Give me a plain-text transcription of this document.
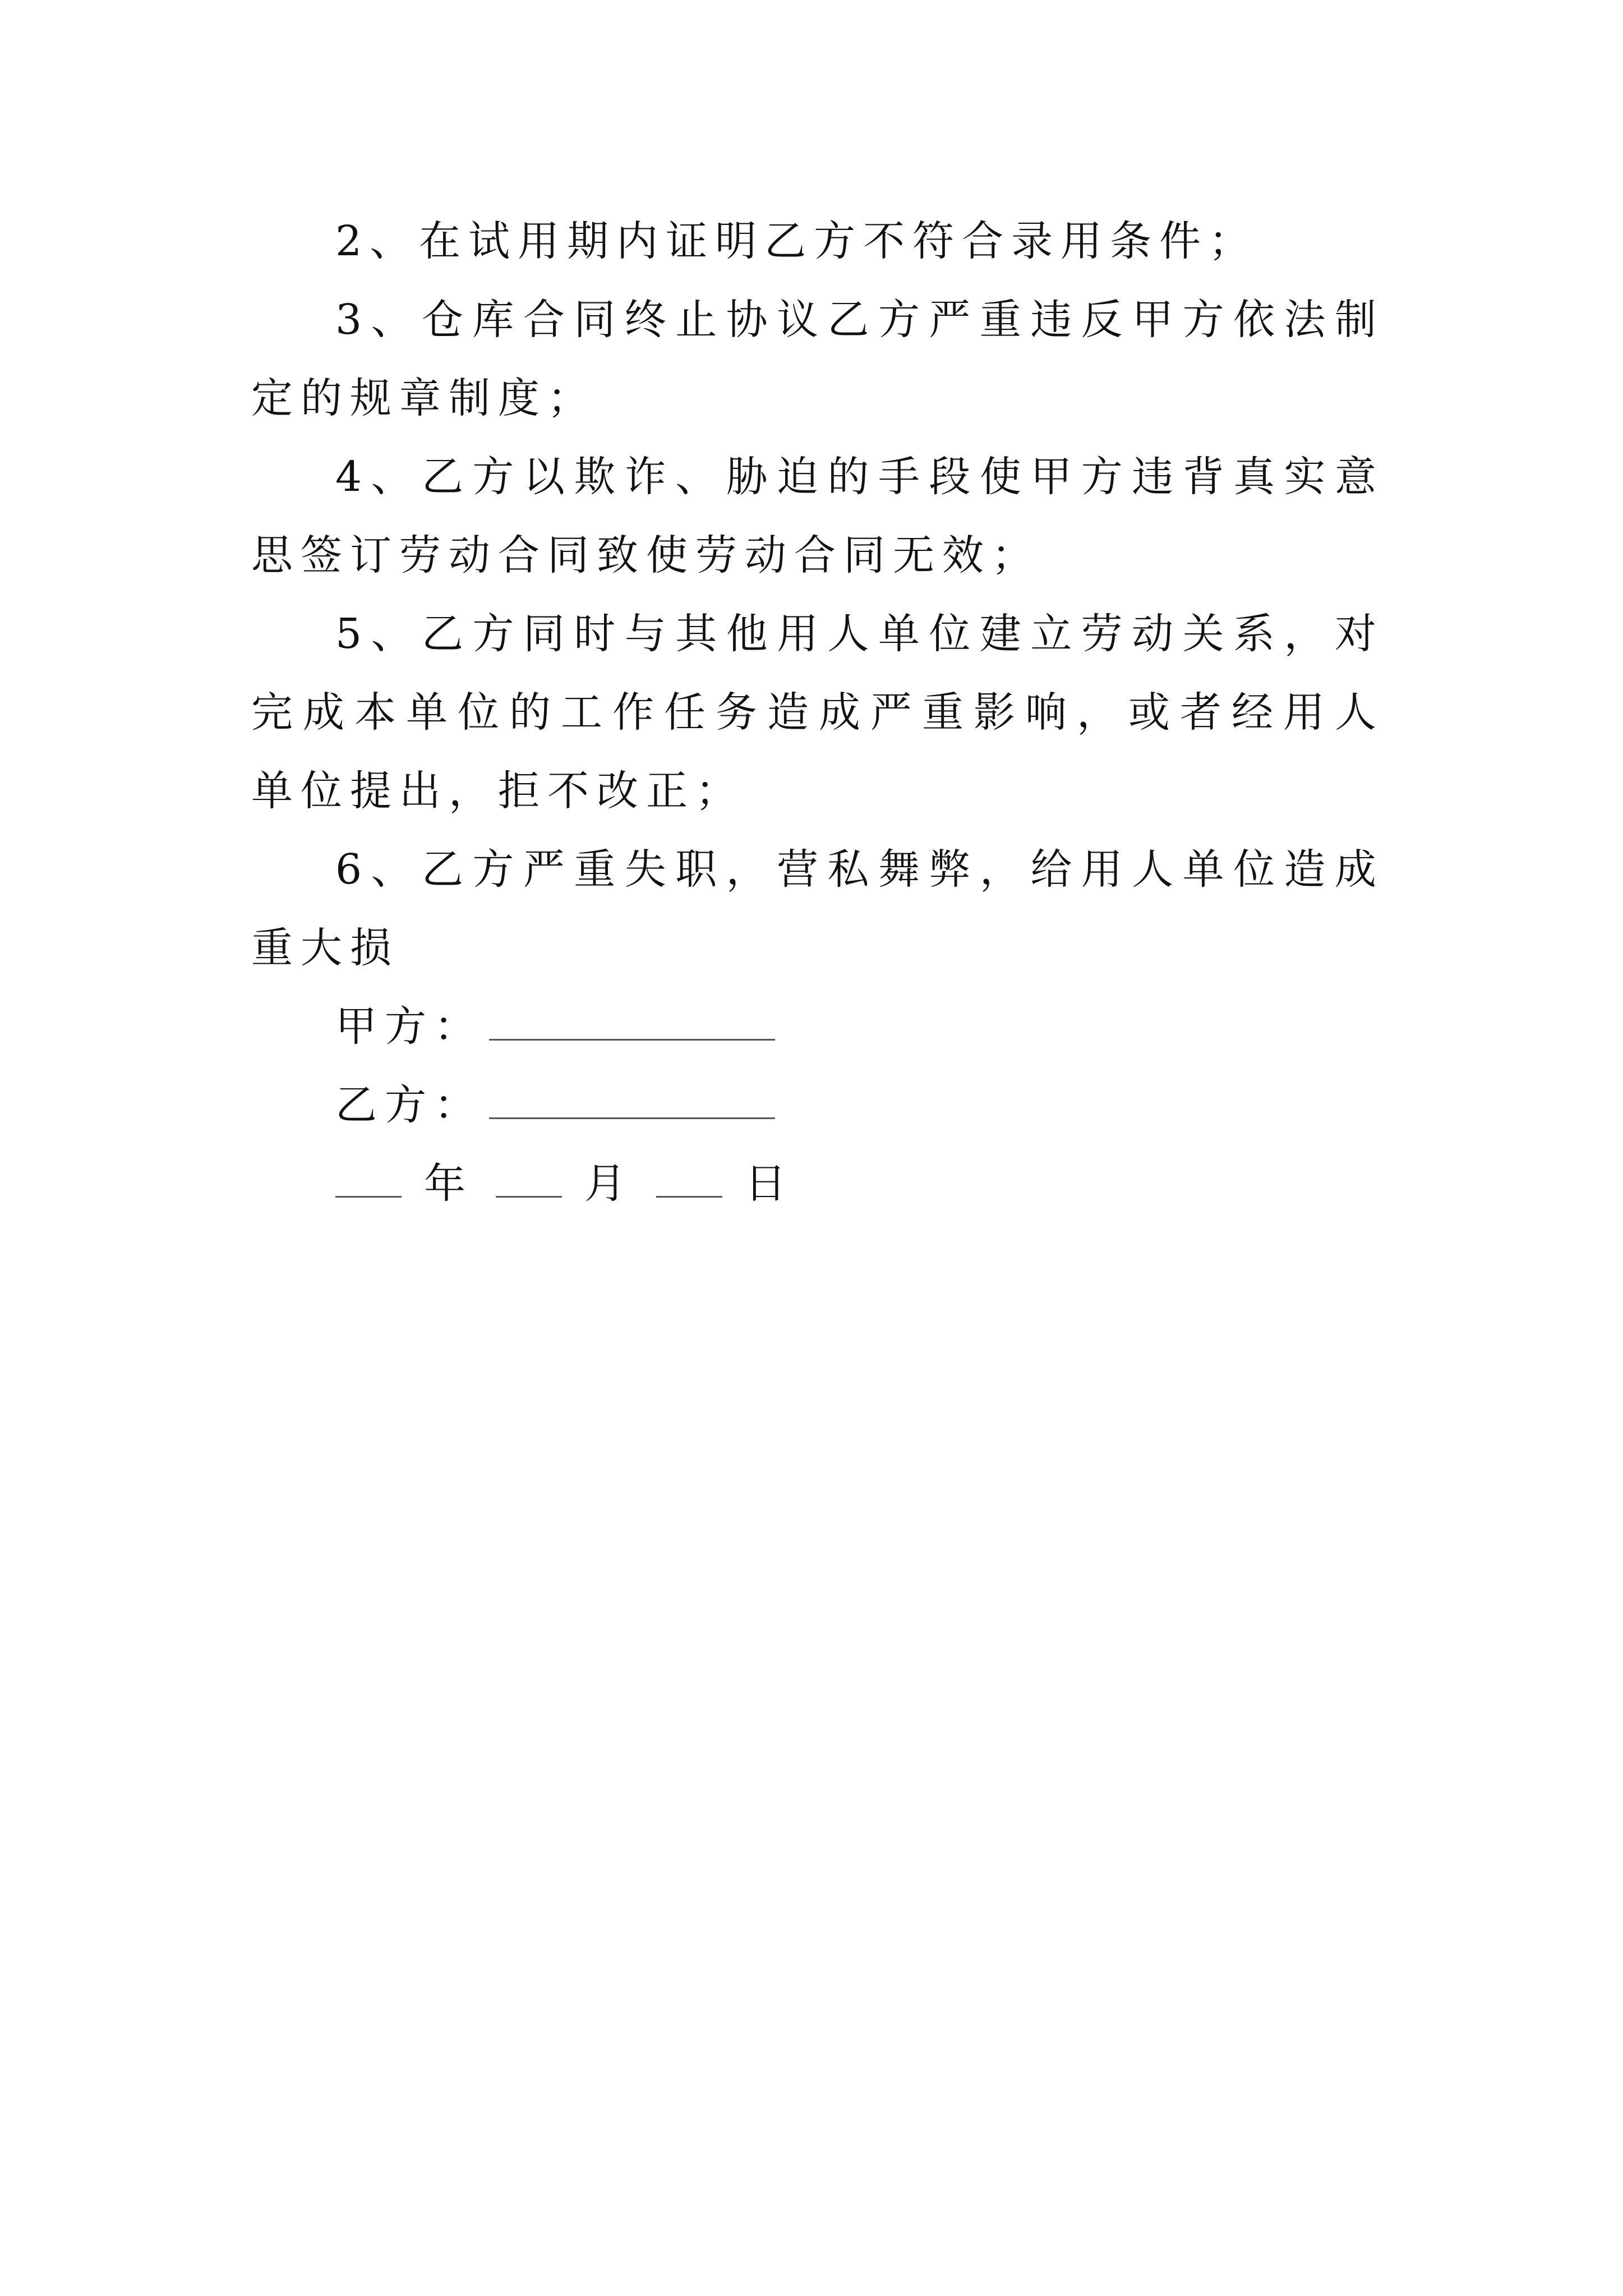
2、在试用期内证明乙方不符合录用条件；

3、仓库合同终止协议乙方严重违反甲方依法制定的规章制度；

4、乙方以欺诈、胁迫的手段使甲方违背真实意思签订劳动合同致使劳动合同无效；

5、乙方同时与其他用人单位建立劳动关系，对完成本单位的工作任务造成严重影响，或者经用人单位提出，拒不改正；

6、乙方严重失职，营私舞弊，给用人单位造成重大损

甲方：
乙方：
年	月	日
